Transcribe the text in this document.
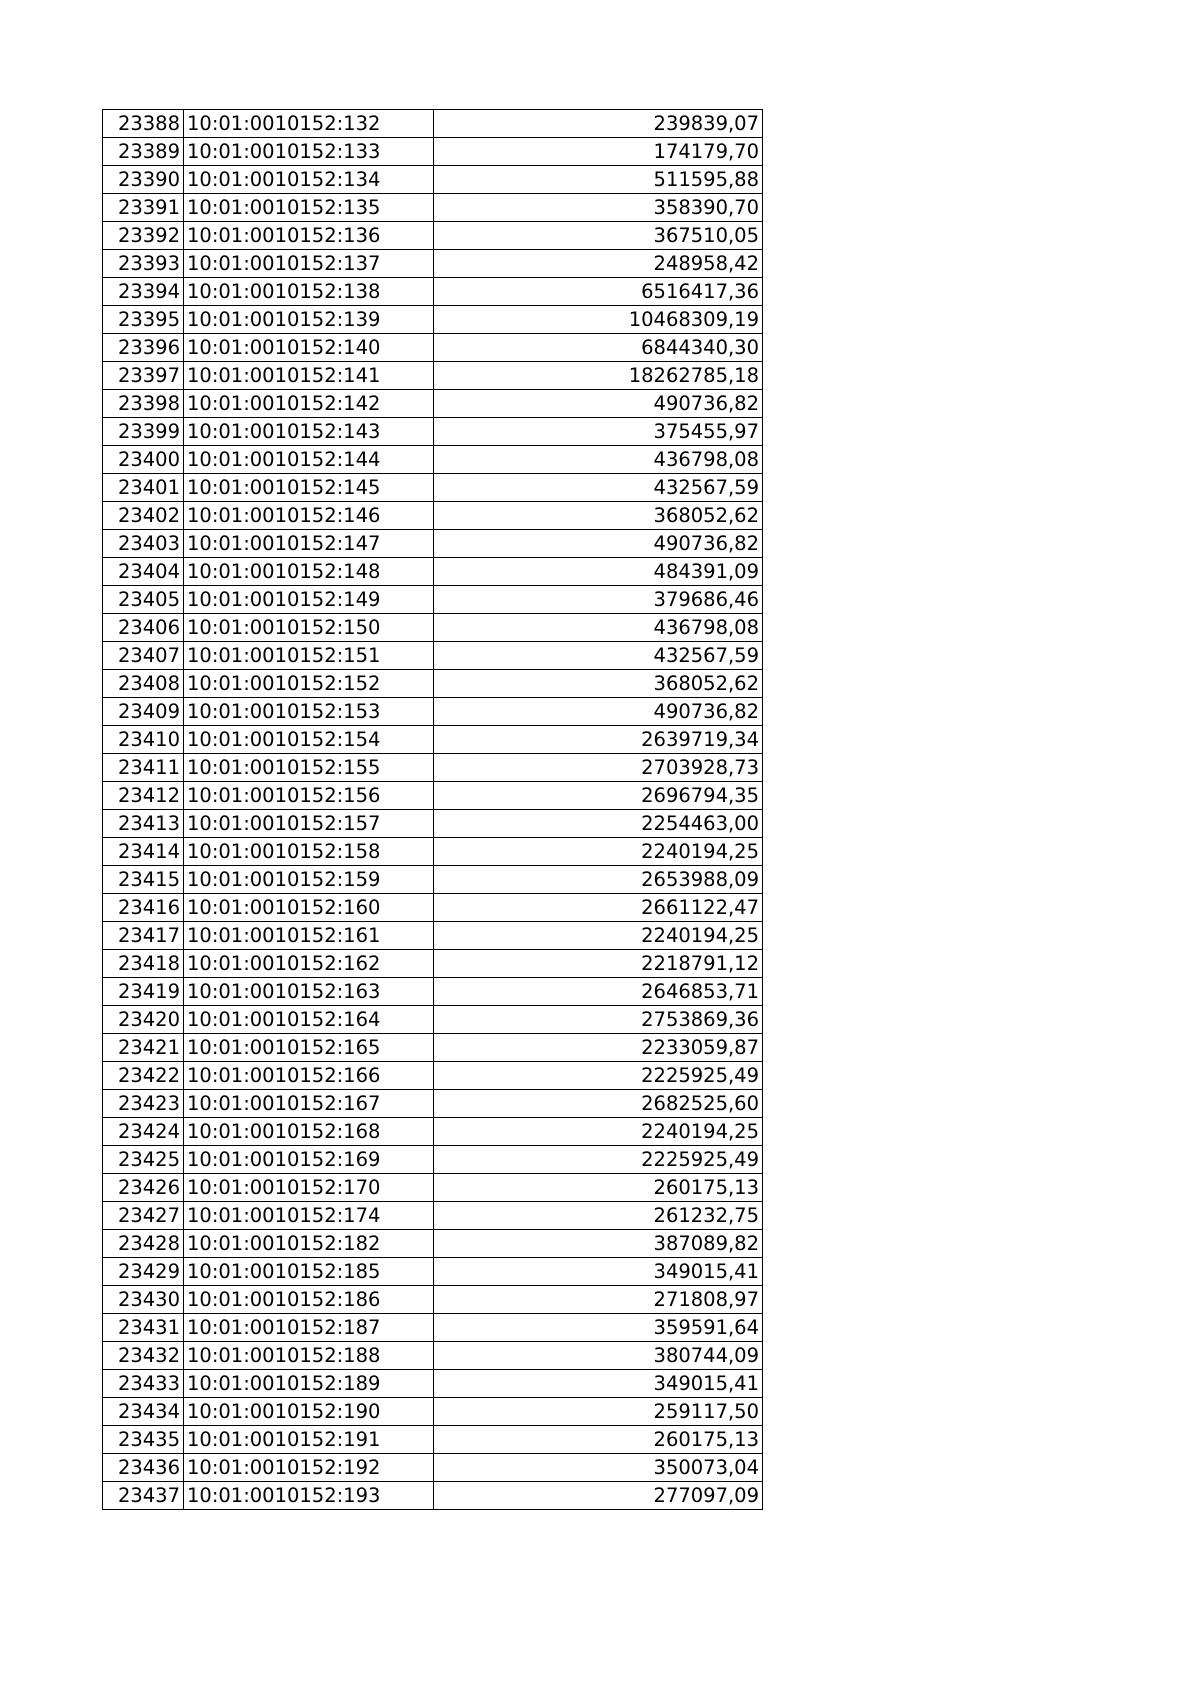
23388	10:01:0010152:132	239839,07
23389	10:01:0010152:133	174179,70
23390	10:01:0010152:134	511595,88
23391	10:01:0010152:135	358390,70
23392	10:01:0010152:136	367510,05
23393	10:01:0010152:137	248958,42
23394	10:01:0010152:138	6516417,36
23395	10:01:0010152:139	10468309,19
23396	10:01:0010152:140	6844340,30
23397	10:01:0010152:141	18262785,18
23398	10:01:0010152:142	490736,82
23399	10:01:0010152:143	375455,97
23400	10:01:0010152:144	436798,08
23401	10:01:0010152:145	432567,59
23402	10:01:0010152:146	368052,62
23403	10:01:0010152:147	490736,82
23404	10:01:0010152:148	484391,09
23405	10:01:0010152:149	379686,46
23406	10:01:0010152:150	436798,08
23407	10:01:0010152:151	432567,59
23408	10:01:0010152:152	368052,62
23409	10:01:0010152:153	490736,82
23410	10:01:0010152:154	2639719,34
23411	10:01:0010152:155	2703928,73
23412	10:01:0010152:156	2696794,35
23413	10:01:0010152:157	2254463,00
23414	10:01:0010152:158	2240194,25
23415	10:01:0010152:159	2653988,09
23416	10:01:0010152:160	2661122,47
23417	10:01:0010152:161	2240194,25
23418	10:01:0010152:162	2218791,12
23419	10:01:0010152:163	2646853,71
23420	10:01:0010152:164	2753869,36
23421	10:01:0010152:165	2233059,87
23422	10:01:0010152:166	2225925,49
23423	10:01:0010152:167	2682525,60
23424	10:01:0010152:168	2240194,25
23425	10:01:0010152:169	2225925,49
23426	10:01:0010152:170	260175,13
23427	10:01:0010152:174	261232,75
23428	10:01:0010152:182	387089,82
23429	10:01:0010152:185	349015,41
23430	10:01:0010152:186	271808,97
23431	10:01:0010152:187	359591,64
23432	10:01:0010152:188	380744,09
23433	10:01:0010152:189	349015,41
23434	10:01:0010152:190	259117,50
23435	10:01:0010152:191	260175,13
23436	10:01:0010152:192	350073,04
23437	10:01:0010152:193	277097,09
